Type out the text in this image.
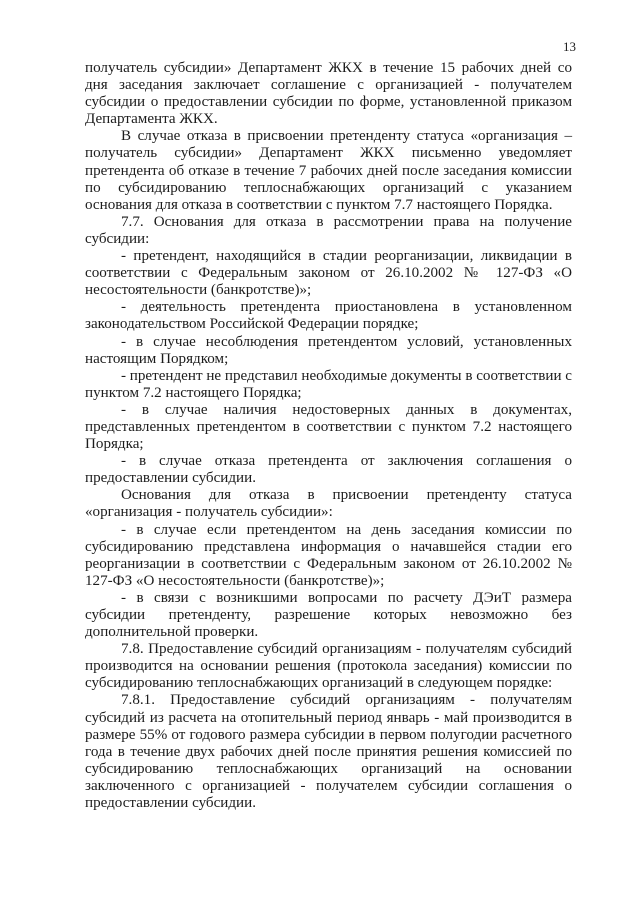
13

получатель субсидии» Департамент ЖКХ в течение 15 рабочих дней со дня заседания заключает соглашение с организацией - получателем субсидии о предоставлении субсидии по форме, установленной приказом Департамента ЖКХ.

В случае отказа в присвоении претенденту статуса «организация – получатель субсидии» Департамент ЖКХ письменно уведомляет претендента об отказе в течение 7 рабочих дней после заседания комиссии по субсидированию теплоснабжающих организаций с указанием основания для отказа в соответствии с пунктом 7.7 настоящего Порядка.

7.7. Основания для отказа в рассмотрении права на получение субсидии:

- претендент, находящийся в стадии реорганизации, ликвидации в соответствии с Федеральным законом от 26.10.2002 № 127-ФЗ «О несостоятельности (банкротстве)»;

- деятельность претендента приостановлена в установленном законодательством Российской Федерации порядке;

- в случае несоблюдения претендентом условий, установленных настоящим Порядком;

- претендент не представил необходимые документы в соответствии с пунктом 7.2 настоящего Порядка;

- в случае наличия недостоверных данных в документах, представленных претендентом в соответствии с пунктом 7.2 настоящего Порядка;

- в случае отказа претендента от заключения соглашения о предоставлении субсидии.

Основания для отказа в присвоении претенденту статуса «организация - получатель субсидии»:

- в случае если претендентом на день заседания комиссии по субсидированию представлена информация о начавшейся стадии его реорганизации в соответствии с Федеральным законом от 26.10.2002 № 127-ФЗ «О несостоятельности (банкротстве)»;

- в связи с возникшими вопросами по расчету ДЭиТ размера субсидии претенденту, разрешение которых невозможно без дополнительной проверки.

7.8. Предоставление субсидий организациям - получателям субсидий производится на основании решения (протокола заседания) комиссии по субсидированию теплоснабжающих организаций в следующем порядке:

7.8.1. Предоставление субсидий организациям - получателям субсидий из расчета на отопительный период январь - май производится в размере 55% от годового размера субсидии в первом полугодии расчетного года в течение двух рабочих дней после принятия решения комиссией по субсидированию теплоснабжающих организаций на основании заключенного с организацией - получателем субсидии соглашения о предоставлении субсидии.
